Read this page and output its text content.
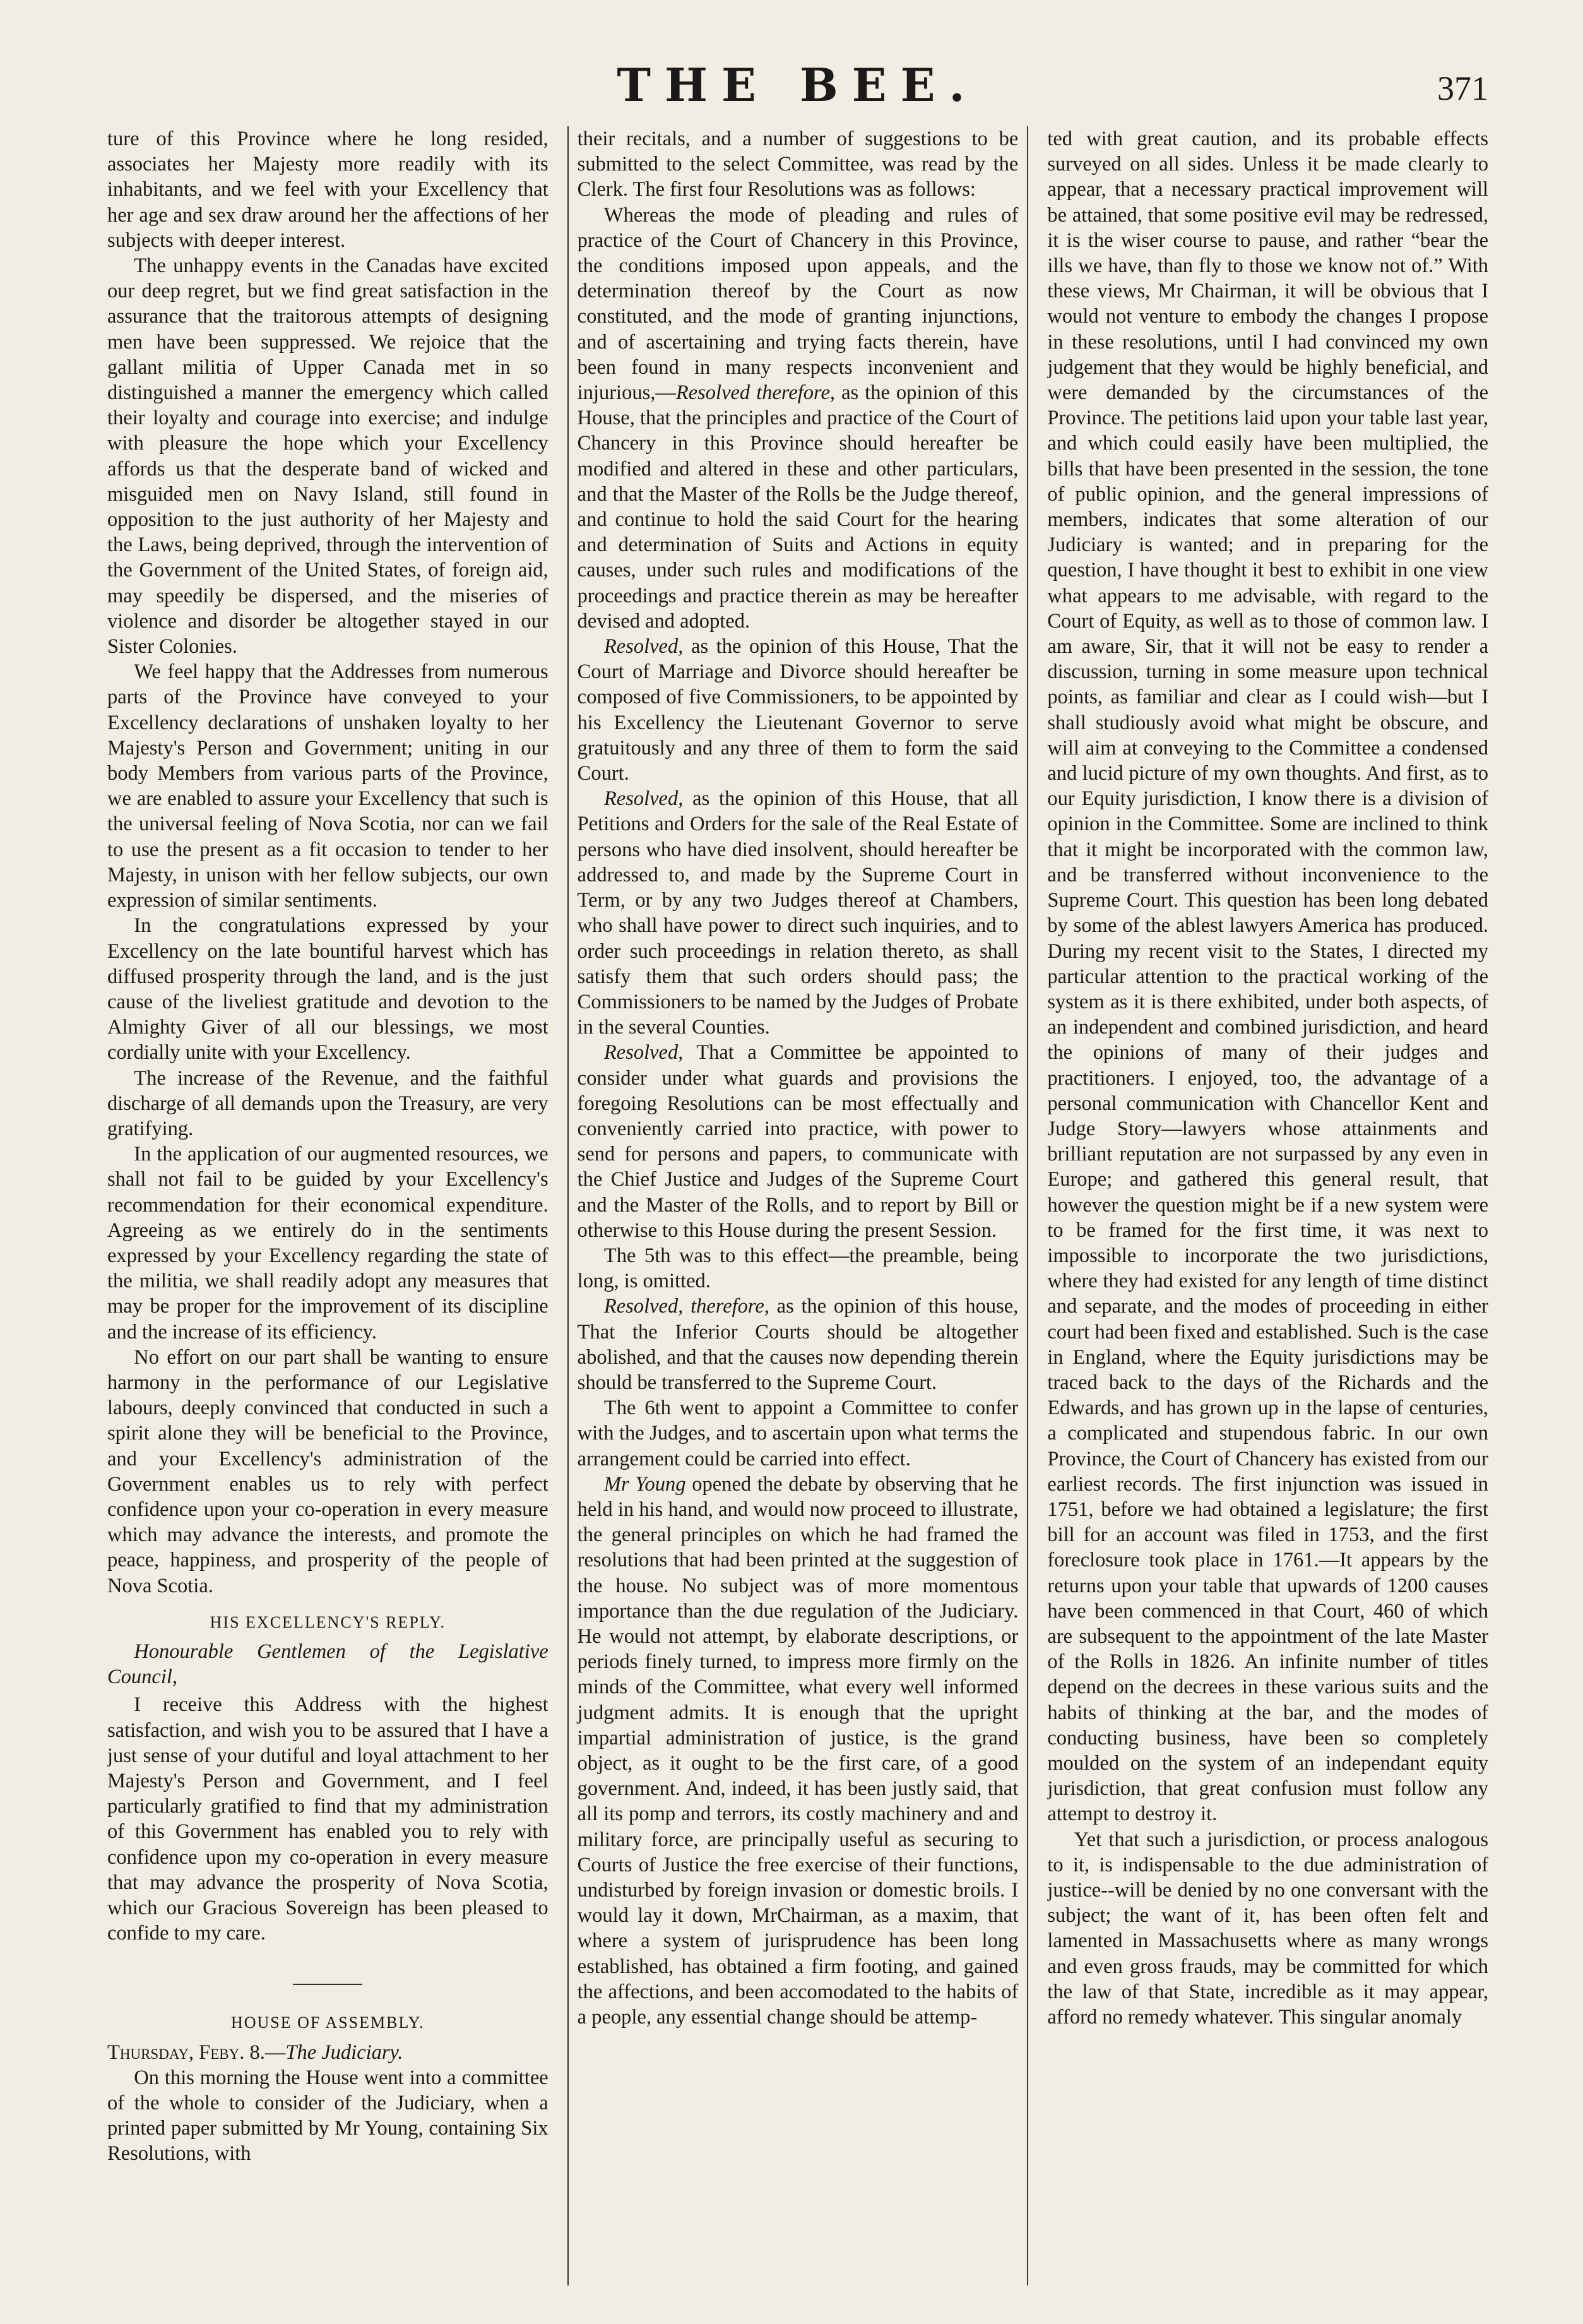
THE BEE.	371

ture of this Province where he long resided, associates her Majesty more readily with its inhabitants, and we feel with your Excellency that her age and sex draw around her the affections of her subjects with deeper interest.

The unhappy events in the Canadas have excited our deep regret, but we find great satisfaction in the assurance that the traitorous attempts of designing men have been suppressed. We rejoice that the gallant militia of Upper Canada met in so distinguished a manner the emergency which called their loyalty and courage into exercise; and indulge with pleasure the hope which your Excellency affords us that the desperate band of wicked and misguided men on Navy Island, still found in opposition to the just authority of her Majesty and the Laws, being deprived, through the intervention of the Government of the United States, of foreign aid, may speedily be dispersed, and the miseries of violence and disorder be altogether stayed in our Sister Colonies.

We feel happy that the Addresses from numerous parts of the Province have conveyed to your Excellency declarations of unshaken loyalty to her Majesty's Person and Government; uniting in our body Members from various parts of the Province, we are enabled to assure your Excellency that such is the universal feeling of Nova Scotia, nor can we fail to use the present as a fit occasion to tender to her Majesty, in unison with her fellow subjects, our own expression of similar sentiments.

In the congratulations expressed by your Excellency on the late bountiful harvest which has diffused prosperity through the land, and is the just cause of the liveliest gratitude and devotion to the Almighty Giver of all our blessings, we most cordially unite with your Excellency.

The increase of the Revenue, and the faithful discharge of all demands upon the Treasury, are very gratifying.

In the application of our augmented resources, we shall not fail to be guided by your Excellency's recommendation for their economical expenditure. Agreeing as we entirely do in the sentiments expressed by your Excellency regarding the state of the militia, we shall readily adopt any measures that may be proper for the improvement of its discipline and the increase of its efficiency.

No effort on our part shall be wanting to ensure harmony in the performance of our Legislative labours, deeply convinced that conducted in such a spirit alone they will be beneficial to the Province, and your Excellency's administration of the Government enables us to rely with perfect confidence upon your co-operation in every measure which may advance the interests, and promote the peace, happiness, and prosperity of the people of Nova Scotia.

HIS EXCELLENCY'S REPLY.

Honourable Gentlemen of the Legislative Council,

I receive this Address with the highest satisfaction, and wish you to be assured that I have a just sense of your dutiful and loyal attachment to her Majesty's Person and Government, and I feel particularly gratified to find that my administration of this Government has enabled you to rely with confidence upon my co-operation in every measure that may advance the prosperity of Nova Scotia, which our Gracious Sovereign has been pleased to confide to my care.

HOUSE OF ASSEMBLY.

Thursday, Feby. 8.—The Judiciary.

On this morning the House went into a committee of the whole to consider of the Judiciary, when a printed paper submitted by Mr Young, containing Six Resolutions, with

their recitals, and a number of suggestions to be submitted to the select Committee, was read by the Clerk. The first four Resolutions was as follows:

Whereas the mode of pleading and rules of practice of the Court of Chancery in this Province, the conditions imposed upon appeals, and the determination thereof by the Court as now constituted, and the mode of granting injunctions, and of ascertaining and trying facts therein, have been found in many respects inconvenient and injurious,—Resolved therefore, as the opinion of this House, that the principles and practice of the Court of Chancery in this Province should hereafter be modified and altered in these and other particulars, and that the Master of the Rolls be the Judge thereof, and continue to hold the said Court for the hearing and determination of Suits and Actions in equity causes, under such rules and modifications of the proceedings and practice therein as may be hereafter devised and adopted.

Resolved, as the opinion of this House, That the Court of Marriage and Divorce should hereafter be composed of five Commissioners, to be appointed by his Excellency the Lieutenant Governor to serve gratuitously and any three of them to form the said Court.

Resolved, as the opinion of this House, that all Petitions and Orders for the sale of the Real Estate of persons who have died insolvent, should hereafter be addressed to, and made by the Supreme Court in Term, or by any two Judges thereof at Chambers, who shall have power to direct such inquiries, and to order such proceedings in relation thereto, as shall satisfy them that such orders should pass; the Commissioners to be named by the Judges of Probate in the several Counties.

Resolved, That a Committee be appointed to consider under what guards and provisions the foregoing Resolutions can be most effectually and conveniently carried into practice, with power to send for persons and papers, to communicate with the Chief Justice and Judges of the Supreme Court and the Master of the Rolls, and to report by Bill or otherwise to this House during the present Session.

The 5th was to this effect—the preamble, being long, is omitted.

Resolved, therefore, as the opinion of this house, That the Inferior Courts should be altogether abolished, and that the causes now depending therein should be transferred to the Supreme Court.

The 6th went to appoint a Committee to confer with the Judges, and to ascertain upon what terms the arrangement could be carried into effect.

Mr Young opened the debate by observing that he held in his hand, and would now proceed to illustrate, the general principles on which he had framed the resolutions that had been printed at the suggestion of the house. No subject was of more momentous importance than the due regulation of the Judiciary. He would not attempt, by elaborate descriptions, or periods finely turned, to impress more firmly on the minds of the Committee, what every well informed judgment admits. It is enough that the upright impartial administration of justice, is the grand object, as it ought to be the first care, of a good government. And, indeed, it has been justly said, that all its pomp and terrors, its costly machinery and and military force, are principally useful as securing to Courts of Justice the free exercise of their functions, undisturbed by foreign invasion or domestic broils. I would lay it down, MrChairman, as a maxim, that where a system of jurisprudence has been long established, has obtained a firm footing, and gained the affections, and been accomodated to the habits of a people, any essential change should be attemp-

ted with great caution, and its probable effects surveyed on all sides. Unless it be made clearly to appear, that a necessary practical improvement will be attained, that some positive evil may be redressed, it is the wiser course to pause, and rather “bear the ills we have, than fly to those we know not of.” With these views, Mr Chairman, it will be obvious that I would not venture to embody the changes I propose in these resolutions, until I had convinced my own judgement that they would be highly beneficial, and were demanded by the circumstances of the Province. The petitions laid upon your table last year, and which could easily have been multiplied, the bills that have been presented in the session, the tone of public opinion, and the general impressions of members, indicates that some alteration of our Judiciary is wanted; and in preparing for the question, I have thought it best to exhibit in one view what appears to me advisable, with regard to the Court of Equity, as well as to those of common law. I am aware, Sir, that it will not be easy to render a discussion, turning in some measure upon technical points, as familiar and clear as I could wish—but I shall studiously avoid what might be obscure, and will aim at conveying to the Committee a condensed and lucid picture of my own thoughts. And first, as to our Equity jurisdiction, I know there is a division of opinion in the Committee. Some are inclined to think that it might be incorporated with the common law, and be transferred without inconvenience to the Supreme Court. This question has been long debated by some of the ablest lawyers America has produced. During my recent visit to the States, I directed my particular attention to the practical working of the system as it is there exhibited, under both aspects, of an independent and combined jurisdiction, and heard the opinions of many of their judges and practitioners. I enjoyed, too, the advantage of a personal communication with Chancellor Kent and Judge Story—lawyers whose attainments and brilliant reputation are not surpassed by any even in Europe; and gathered this general result, that however the question might be if a new system were to be framed for the first time, it was next to impossible to incorporate the two jurisdictions, where they had existed for any length of time distinct and separate, and the modes of proceeding in either court had been fixed and established. Such is the case in England, where the Equity jurisdictions may be traced back to the days of the Richards and the Edwards, and has grown up in the lapse of centuries, a complicated and stupendous fabric. In our own Province, the Court of Chancery has existed from our earliest records. The first injunction was issued in 1751, before we had obtained a legislature; the first bill for an account was filed in 1753, and the first foreclosure took place in 1761.—It appears by the returns upon your table that upwards of 1200 causes have been commenced in that Court, 460 of which are subsequent to the appointment of the late Master of the Rolls in 1826. An infinite number of titles depend on the decrees in these various suits and the habits of thinking at the bar, and the modes of conducting business, have been so completely moulded on the system of an independant equity jurisdiction, that great confusion must follow any attempt to destroy it.

Yet that such a jurisdiction, or process analogous to it, is indispensable to the due administration of justice--will be denied by no one conversant with the subject; the want of it, has been often felt and lamented in Massachusetts where as many wrongs and even gross frauds, may be committed for which the law of that State, incredible as it may appear, afford no remedy whatever. This singular anomaly
